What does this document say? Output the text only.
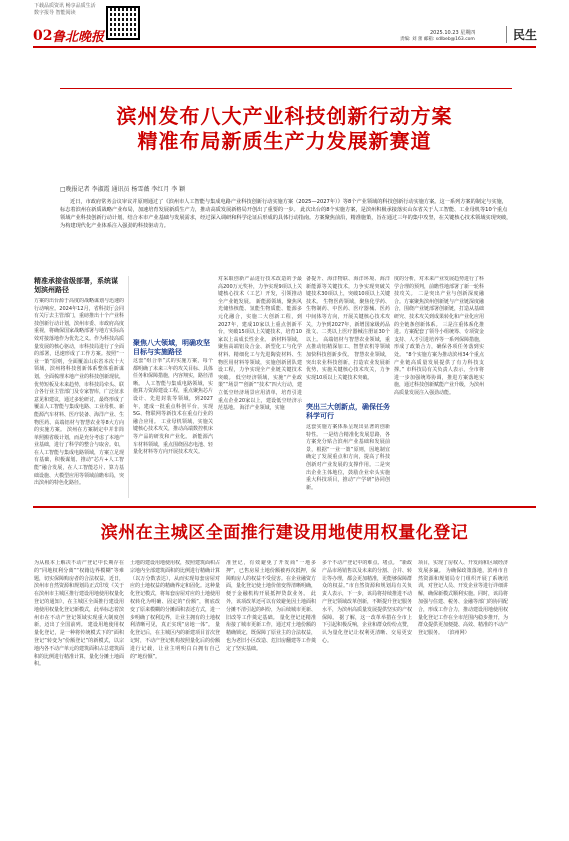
下载品质资讯 畅享品质生活
数字报导 智能阅读
02 鲁北晚报	2025.10.23 星期四
责编: 刘 蕾 邮箱: sdlbeb@163.com	民生
滨州发布八大产业科技创新行动方案
精准布局新质生产力发展新赛道
□晚报记者 李淑霞 通讯员 杨雪薇 李红月 李 颖
近日，市政府常务会议审议并原则通过了《滨州市人工智能与集成电路产业科技创新行动实施方案（2025—2027年）》等8个产业领域的科技创新行动实施方案。这一系列方案的制定与实施，标志着滨州在新质战略产业布局，加速培育发展新质生产力，推动高质发展新格局开创出了重要的一步。 此次出台的8个实施方案，是滨州积极承接落实山东省关于人工智能、工业母机等10个重点领域产业科技创新行动计划，结合本市产业基础与发展需求，经过深入调研和科学论证后形成的具体行动指南。方案聚焦前沿，精准施策，旨在通过三年的集中攻坚，在关键核心技术领域实现突破，为构建现代化产业体系注入强劲的科技驱动力。
精准承接省级部署，系统谋划滨州路径
方案的出台源于高度的战略谋划与迅速的行动响应。2024年12月，省科技厅会同有关厅去主管部门，重磅推出十个产业科技创新行动计划，滨州市委、市政府高度重视，将确保国家战略部署与地方实际高效对接落地作为优先之义。作为科技高质量发展的核心驱动，市科技局进行了全面的部署，迅速形成了工作方案。按照“一业一策”原则，全面覆盖山东省本次十大领域，滨州将科技创新体系整体重新谋划，全面梳理本地产业的科技创新现状，优势短板及未来趋势，市科技局牵头、联合各行业主管部门及专家智库，广泛征求意见和建议，通过多轮研讨，最终形成了覆盖人工智能与集成电路、工业母机、新能源汽车材料、医疗装备、海洋产业、生物医药、高端铝材与智慧农业等8大方向的实施方案。 滨州在方案制定中并非简单照搬省级计划，而是充分考虑了本地产业基础，进行了科学的整合与取舍。如，在人工智能与集成电路领域，方案立足现有基础，积极谋划、推动“芯片+人工智能”融合发展，在人工智能芯片、算力基础设施、大模型应用等领域前瞻布局，突出滨州的特色化路径。
聚焦八大领域，明确攻坚目标与实施路径
这套“组合拳”式的实施方案，每个都明确了未来三年的攻关目标、具体任务和保障措施，内容翔实，路径清晰。 人工智能与集成电路领域，实施算力资源建设工程，重点聚焦芯片设计、先进封装等领域，到2027年，建成一批重点科创平台，实现5G、物联网等新技术在重点行业的融合应用。 工业母机领域，实施关键核心技术攻关，推动高端数控机床等产品的研发和产业化。 新能源汽车材料领域，重点围绕固态电池、轻量化材料等方向开展技术攻关。
对采取创新产品进行技术改造的予最高200万元奖补，力争实现9项以上关键核心技术（工艺）开发，引领推动全产业链发展。 新能源领域，聚焦风光储热核能、氢能生物质能、能源多元化融合，实施二大创新工程，到2027年，建成10家以上重点创新平台，突破15项以上关键技术，培育10家以上高成长性企业。 新材料领域，聚焦高端铝及合金、新型化工与化学材料、精细化工与先进陶瓷材料、生物医用材料等领域，实施创新团队建设工程，力争实现全产业链关键技术突破。 低空经济领域，实施“产业政策”“场景”“创新”“技术”四大行动，建立低空经济场景应用清单，培育引进重点企业20家以上，建设低空经济示范基地。 海洋产业领域，实施
备提升、海洋物联、海洋环境、海洋新能源等关键技术，力争实现突破关键技术30项以上，突破10项以上关键技术。 生物医药领域，聚焦化学药、生物制药、中医药、医疗器械、医药中间体等方向，开展关键核心技术攻关，力争到2027年，新增国家级药品批文、二类以上医疗器械注册证30个以上。 高端铝材与智慧农业领域，重点推动铝精深加工、智慧农机等领域加快科技创新步伐。 智慧农业领域，突出农业科技创新，打造农业发展新优势，实施关键核心技术攻关，力争实现10项以上关键技术突破。
突出三大创新点，确保任务科学可行
这套实施方案体系呈现出显著的创新特性。 一是结合精准化发展思路，各方案充分贴合滨州产业基础和发展前景，根据“一业一策”原则，因地制宜确定了发展重点和方向，提高了科技创新对产业发展的支撑作用。二是突出企业主体地位，鼓励企业牵头实施重大科技项目，推动“产学研”协同创新。
度的分析，对未来产业发展趋势进行了科学合理的预判，前瞻性地部署了新一轮科技攻关。 二是突出产业与创新深度融合。方案聚焦滨州创新链与产业链深度融合，围绕产业链部署创新链，打造从基础研究、技术攻关到成果转化和产业化应用的全链条创新体系。 三是注重体系化推进。方案配套了领导小组统筹、专项资金支持、人才引进培养等一系列保障措施，形成了政策合力，确保各项任务落到实处。 “8个实施方案为推动滨州34个重点产业链高质量发展提供了有力科技支撑。” 市科技局有关负责人表示，全市将进一步加强统筹协调，推进方案落地实施，通过科技创新赋能产业升级，为滨州高质量发展注入强劲动能。
滨州在主城区全面推行建设用地使用权量化登记
为从根本上解决不动产登记中长期存在的“同地权利分离”“权籍边界模糊”等难题，切实保障购房者的合法权益，近日，滨州市自然资源和规划局正式印发《关于在滨州市主城区推行建设用地使用权量化登记的通知》，在主城区全面推行建设用地使用权量化登记新模式，此举标志着滨州市在不动产登记领域实现重大制度创新，迈出了全国前列。 建设用地使用权量化登记，是一种将传统模式下的“面积登记”转变为“份额登记”的新模式，以宗地内各不动产单元的建筑面积占总建筑面积的比例进行精准计算，量化分摊土地面积。
土地的建设用地使用权，按照建筑面积占宗地内全部建筑面积的比例进行精确计算（以万分数表达），从而实现每套房屋对应的土地权益的精确界定和固化。这种量化登记模式，将每套房屋对应的土地使用权转化为明确、固定的“份额”，彻底改变了原来模糊的分摊面积表述方式，进一步明确了权利边界，让业主拥有的土地权利清晰可见，真正实现“房地一体”。 量化登记后，在主城区内的新建项目首次登记时，不动产登记机构按照量化后的份额进行记载，让业主明明白白拥有自己的“地份额”。
准登记，有效避免了开发商“一地多押”，已售房屋土地份额被再次抵押，保障购房人的权益不受侵害。在企业融资方面，量化登记使土地价值变得清晰明确，便于金融机构开展抵押贷款业务。 此外，该项改革还可以有效避免因土地面积分摊不清引起的纠纷，为后续城市更新、旧改等工作奠定基础。 量化登记还精准衔接了城市更新工作，通过对土地份额的精确锁定，既保障了原业主的合法权益，也为老旧小区改造、危旧房翻建等工作奠定了坚实基础。
多个不动产登记中的难点、堵点。 “新政产品市场销售以及未来的分割、合并、转让等办理，都会更加精准，更能够保障群众的权益。”市自然资源和规划局有关负责人表示，下一步，该局将持续推进不动产登记领域改革创新，不断提升登记服务水平，为滨州高质量发展提供坚实的产权保障。 据了解，这一改革举措在全市上下引起积极反响，企业和群众纷纷点赞，认为量化登记让权利更清晰、交易更安心。
项目，实现了房权人、开发商和区域经济发展多赢。 为确保政策落地，滨州市自然资源和规划局专门组织开展了系统培训，对登记人员、开发企业等进行详细讲解，确保新模式顺利实施。同时，该局将加强与住建、税务、金融等部门的协同配合，形成工作合力，推动建设用地使用权量化登记工作在全市范围内稳步推开，为群众提供更加便捷、高效、精准的不动产登记服务。 （滨州网）
